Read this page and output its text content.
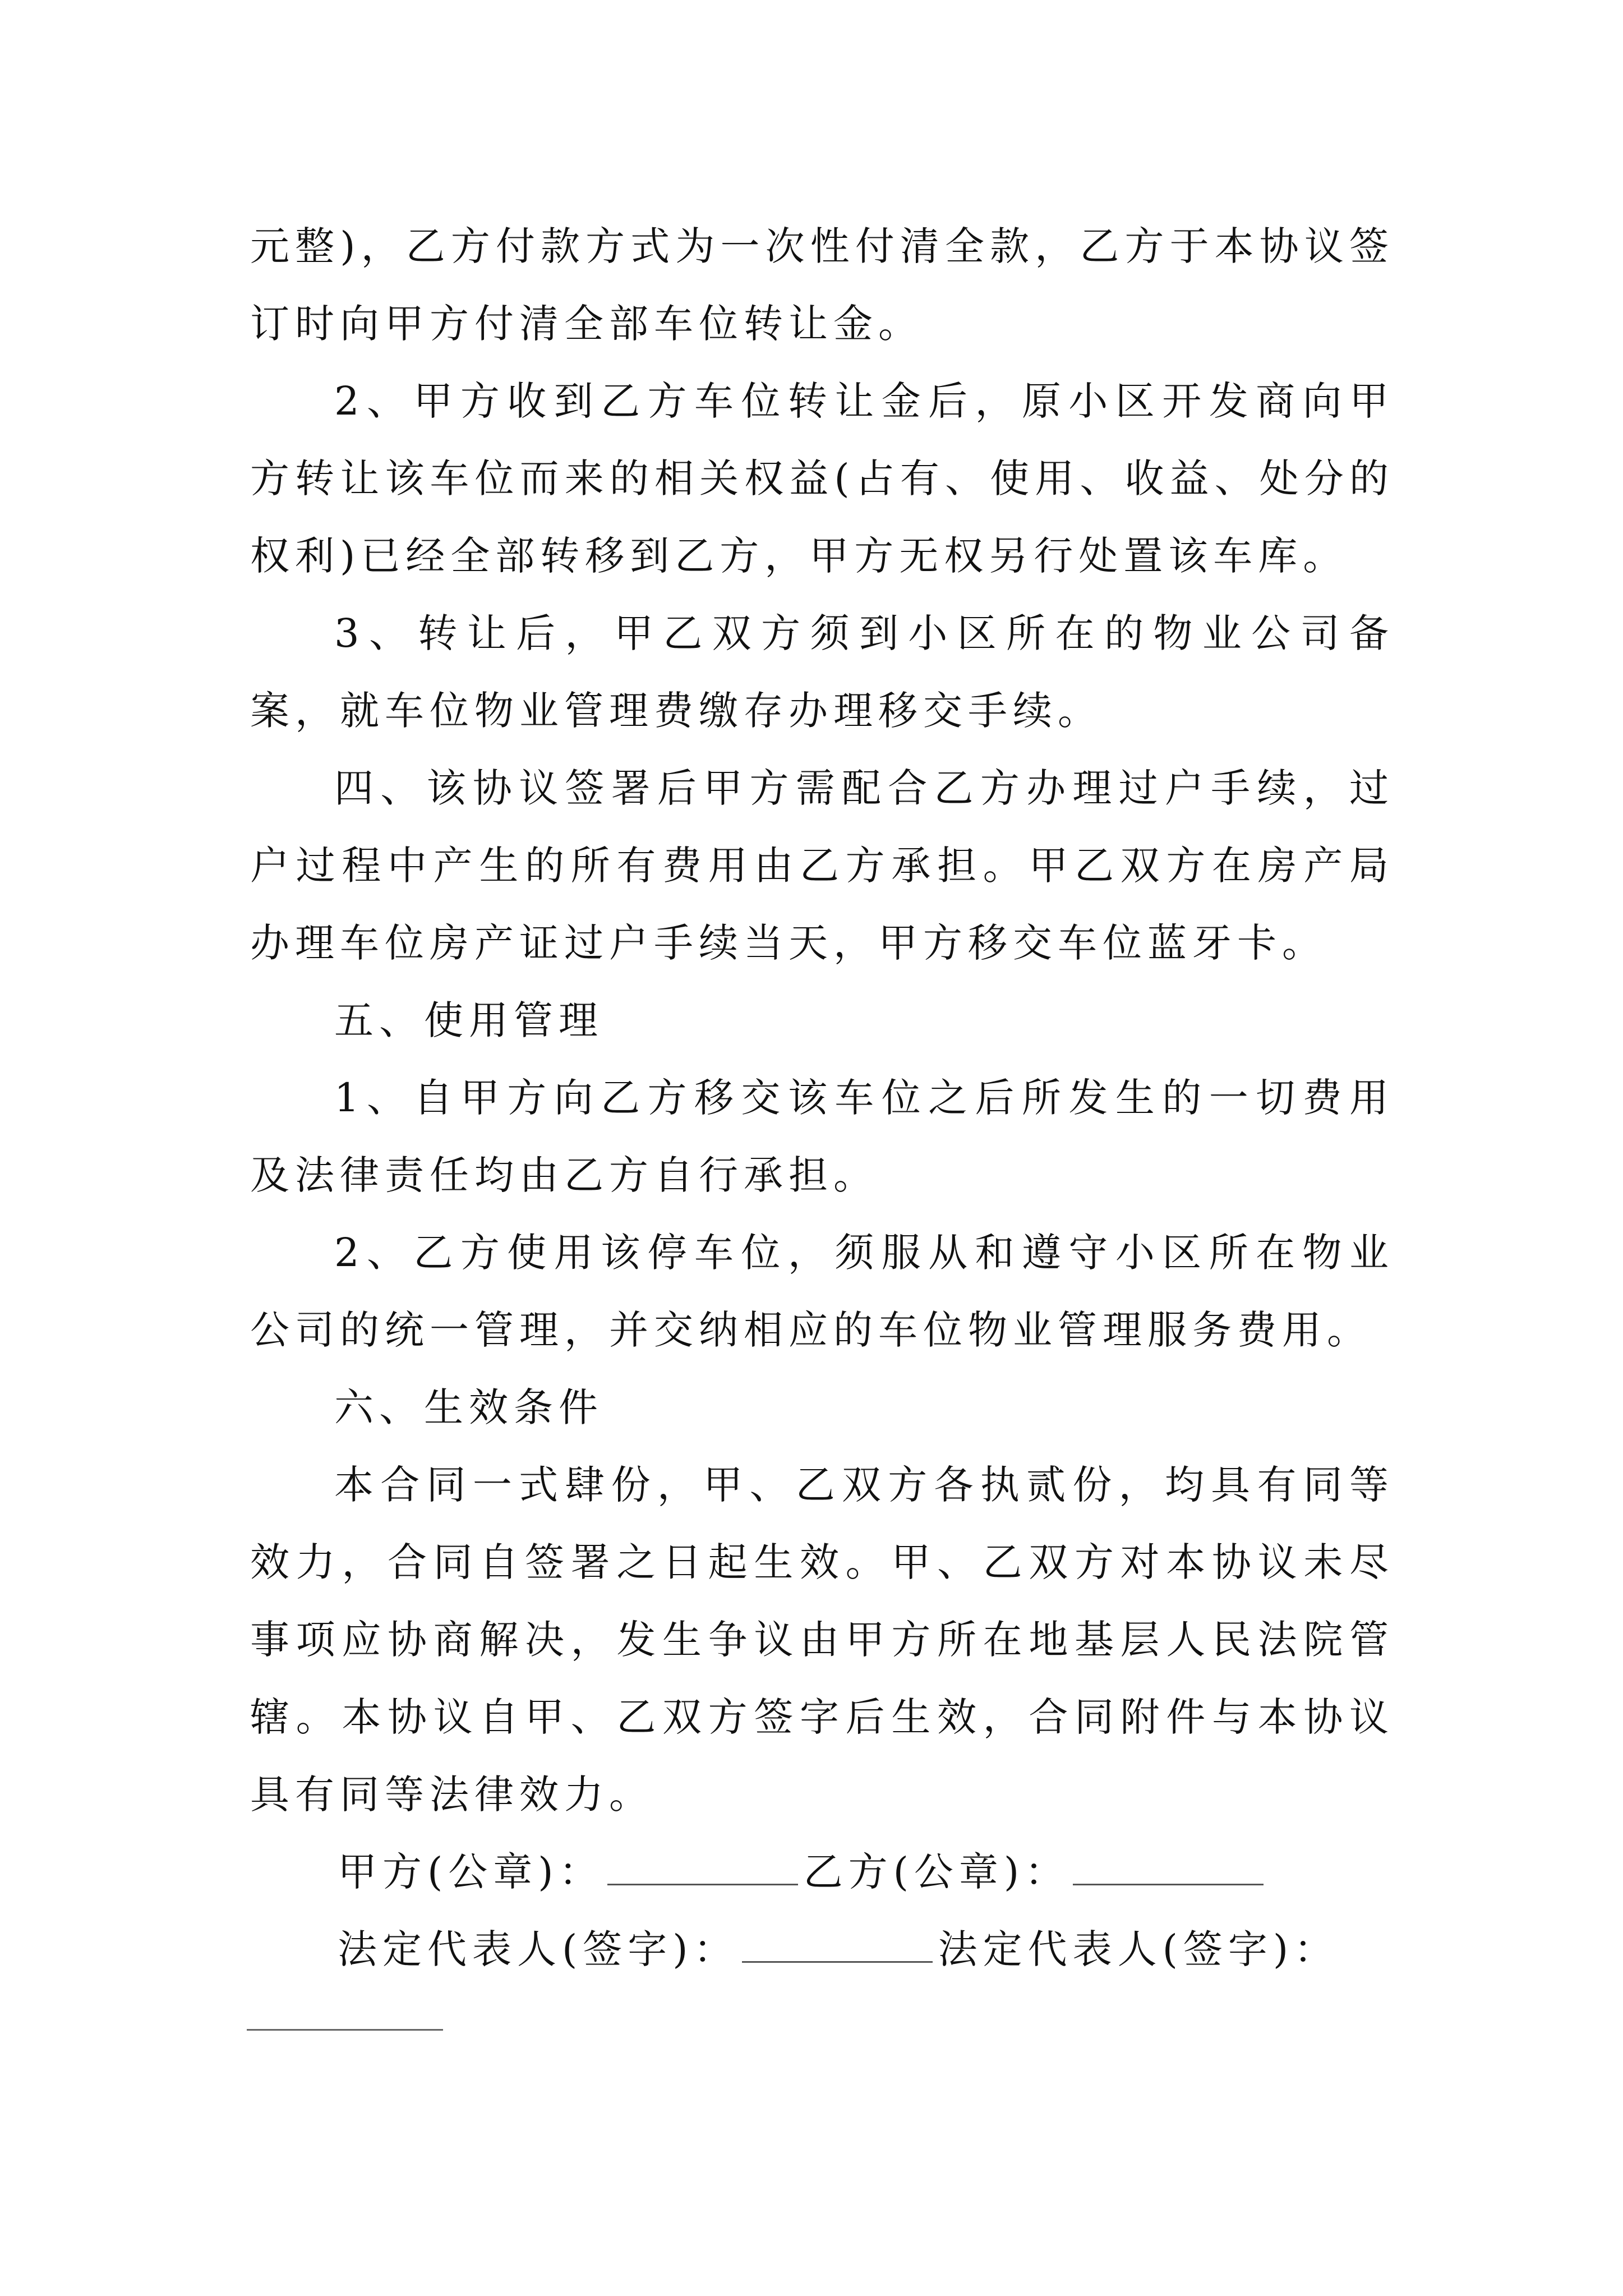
元整)，乙方付款方式为一次性付清全款，乙方于本协议签订时向甲方付清全部车位转让金。

2、甲方收到乙方车位转让金后，原小区开发商向甲方转让该车位而来的相关权益(占有、使用、收益、处分的权利)已经全部转移到乙方，甲方无权另行处置该车库。

3、转让后，甲乙双方须到小区所在的物业公司备案，就车位物业管理费缴存办理移交手续。

四、该协议签署后甲方需配合乙方办理过户手续，过户过程中产生的所有费用由乙方承担。甲乙双方在房产局办理车位房产证过户手续当天，甲方移交车位蓝牙卡。

五、使用管理

1、自甲方向乙方移交该车位之后所发生的一切费用及法律责任均由乙方自行承担。

2、乙方使用该停车位，须服从和遵守小区所在物业公司的统一管理，并交纳相应的车位物业管理服务费用。

六、生效条件

本合同一式肆份，甲、乙双方各执贰份，均具有同等效力，合同自签署之日起生效。甲、乙双方对本协议未尽事项应协商解决，发生争议由甲方所在地基层人民法院管辖。本协议自甲、乙双方签字后生效，合同附件与本协议具有同等法律效力。

甲方(公章)：	乙方(公章)：

法定代表人(签字)：	法定代表人(签字)：
